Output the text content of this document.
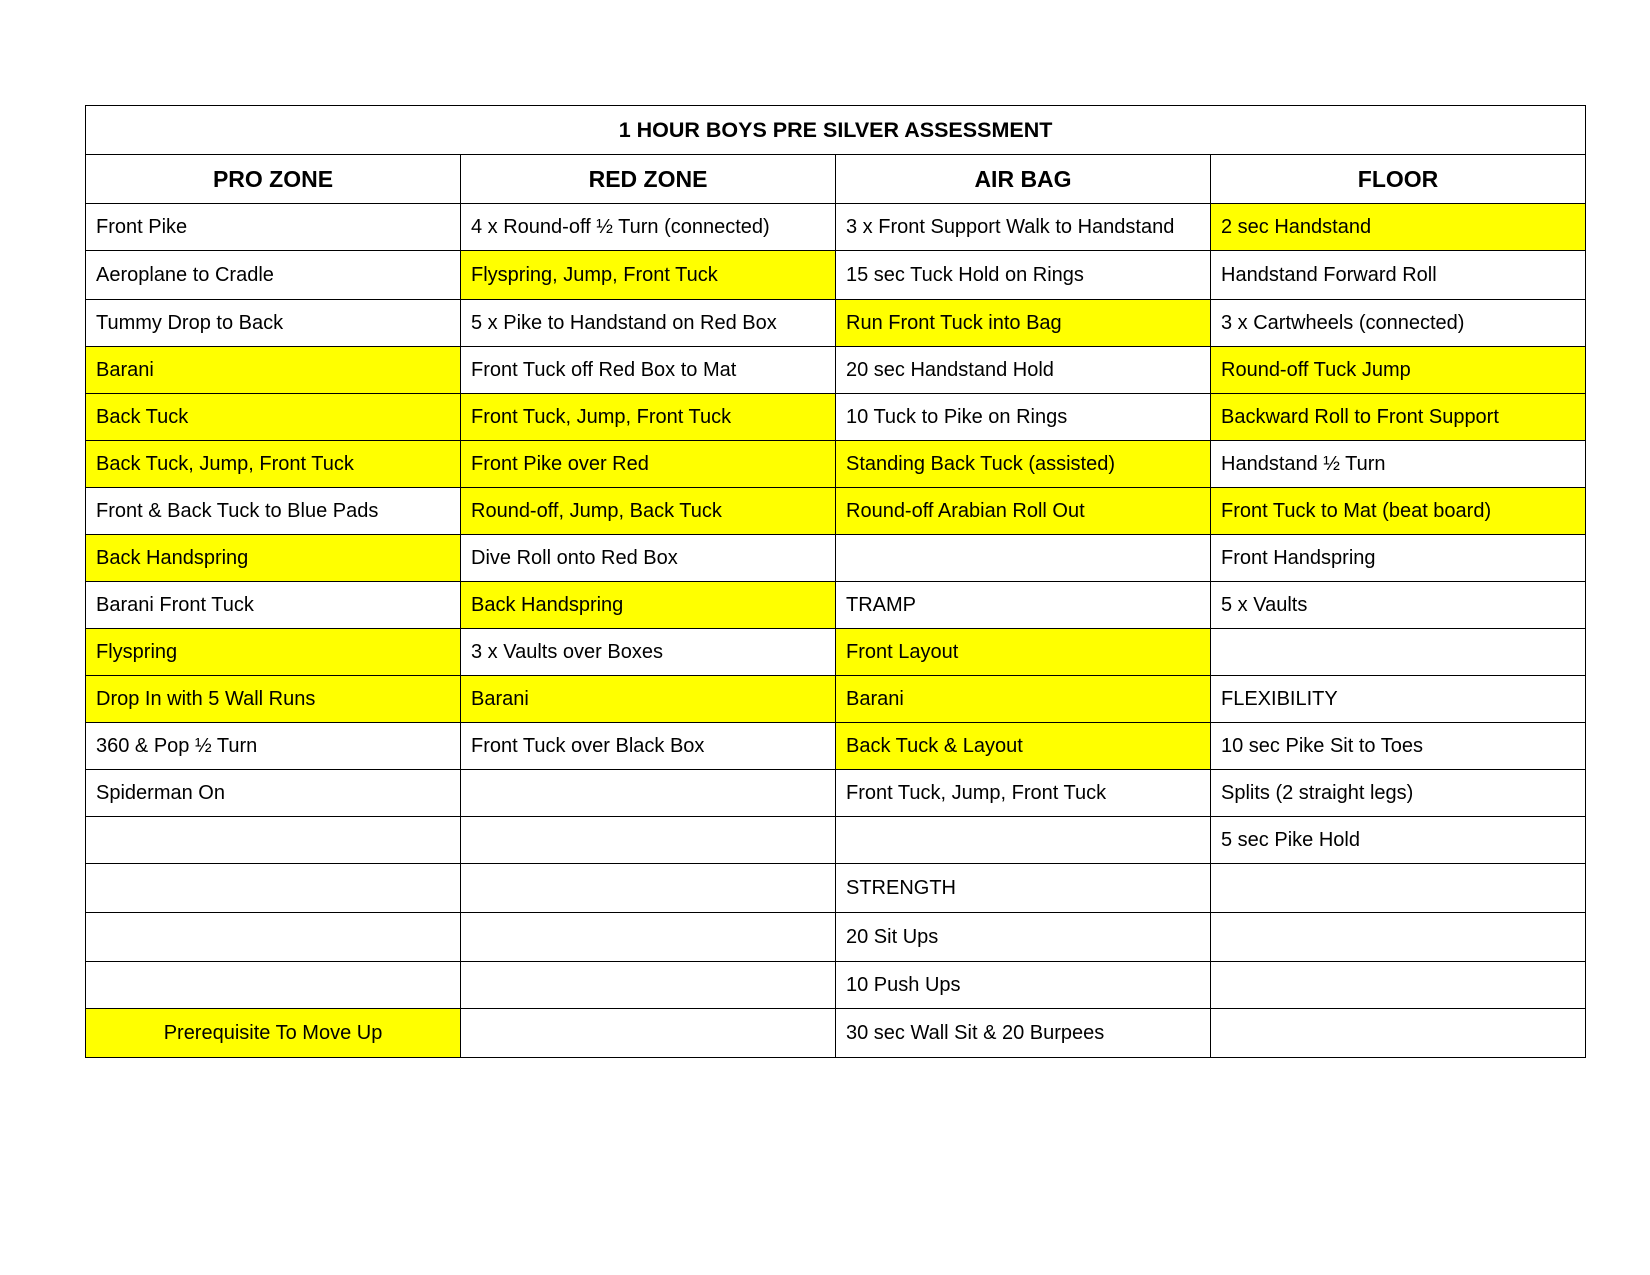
1 HOUR BOYS PRE SILVER ASSESSMENT			
PRO ZONE	RED ZONE	AIR BAG	FLOOR
Front Pike	4 x Round-off ½ Turn (connected)	3 x Front Support Walk to Handstand	2 sec Handstand
Aeroplane to Cradle	Flyspring, Jump, Front Tuck	15 sec Tuck Hold on Rings	Handstand Forward Roll
Tummy Drop to Back	5 x Pike to Handstand on Red Box	Run Front Tuck into Bag	3 x Cartwheels (connected)
Barani	Front Tuck off Red Box to Mat	20 sec Handstand Hold	Round-off Tuck Jump
Back Tuck	Front Tuck, Jump, Front Tuck	10 Tuck to Pike on Rings	Backward Roll to Front Support
Back Tuck, Jump, Front Tuck	Front Pike over Red	Standing Back Tuck (assisted)	Handstand ½ Turn
Front & Back Tuck to Blue Pads	Round-off, Jump, Back Tuck	Round-off Arabian Roll Out	Front Tuck to Mat (beat board)
Back Handspring	Dive Roll onto Red Box		Front Handspring
Barani Front Tuck	Back Handspring	TRAMP	5 x Vaults
Flyspring	3 x Vaults over Boxes	Front Layout	
Drop In with 5 Wall Runs	Barani	Barani	FLEXIBILITY
360 & Pop ½ Turn	Front Tuck over Black Box	Back Tuck & Layout	10 sec Pike Sit to Toes
Spiderman On		Front Tuck, Jump, Front Tuck	Splits (2 straight legs)
			5 sec Pike Hold
		STRENGTH	
		20 Sit Ups	
		10 Push Ups	
Prerequisite To Move Up		30 sec Wall Sit & 20 Burpees	
